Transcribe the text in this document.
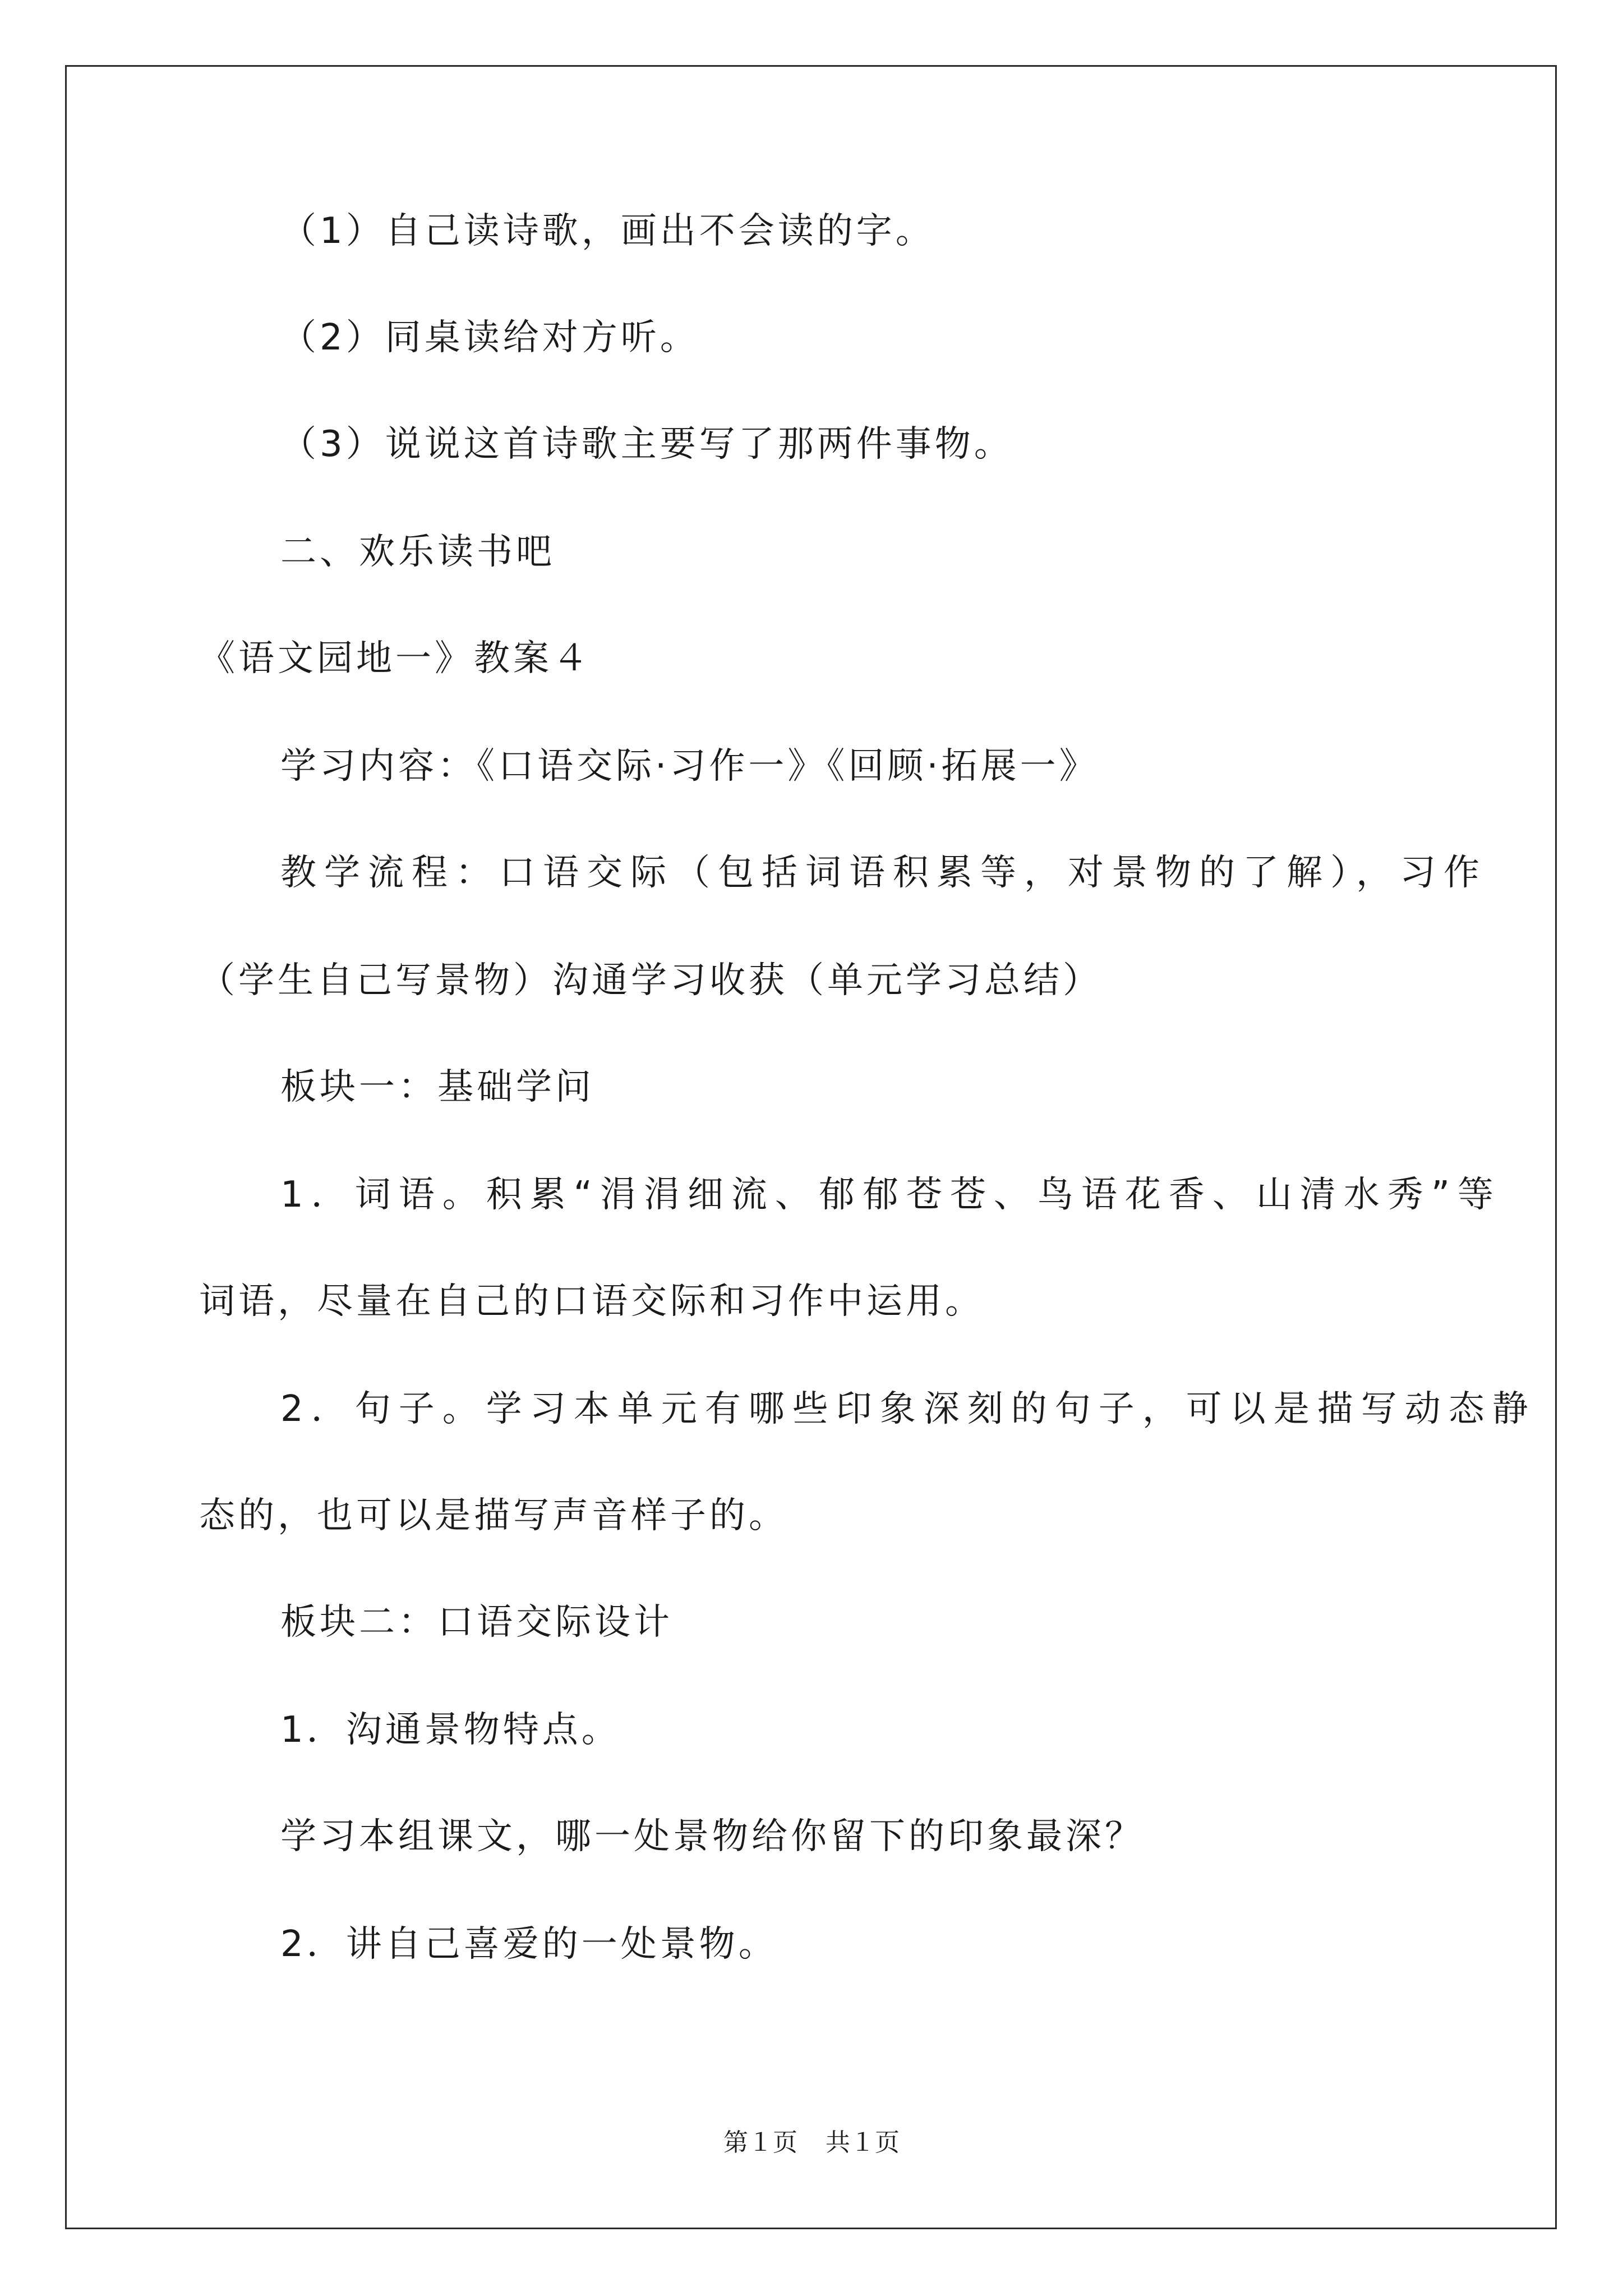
（1）自己读诗歌，画出不会读的字。
（2）同桌读给对方听。
（3）说说这首诗歌主要写了那两件事物。
二、欢乐读书吧
《语文园地一》教案４
学习内容：《口语交际·习作一》《回顾·拓展一》
教学流程：口语交际（包括词语积累等，对景物的了解），习作
（学生自己写景物）沟通学习收获（单元学习总结）
板块一：基础学问
1．词语。积累“涓涓细流、郁郁苍苍、鸟语花香、山清水秀”等
词语，尽量在自己的口语交际和习作中运用。
2．句子。学习本单元有哪些印象深刻的句子，可以是描写动态静
态的，也可以是描写声音样子的。
板块二：口语交际设计
1．沟通景物特点。
学习本组课文，哪一处景物给你留下的印象最深？
2．讲自己喜爱的一处景物。
第１页 共１页
